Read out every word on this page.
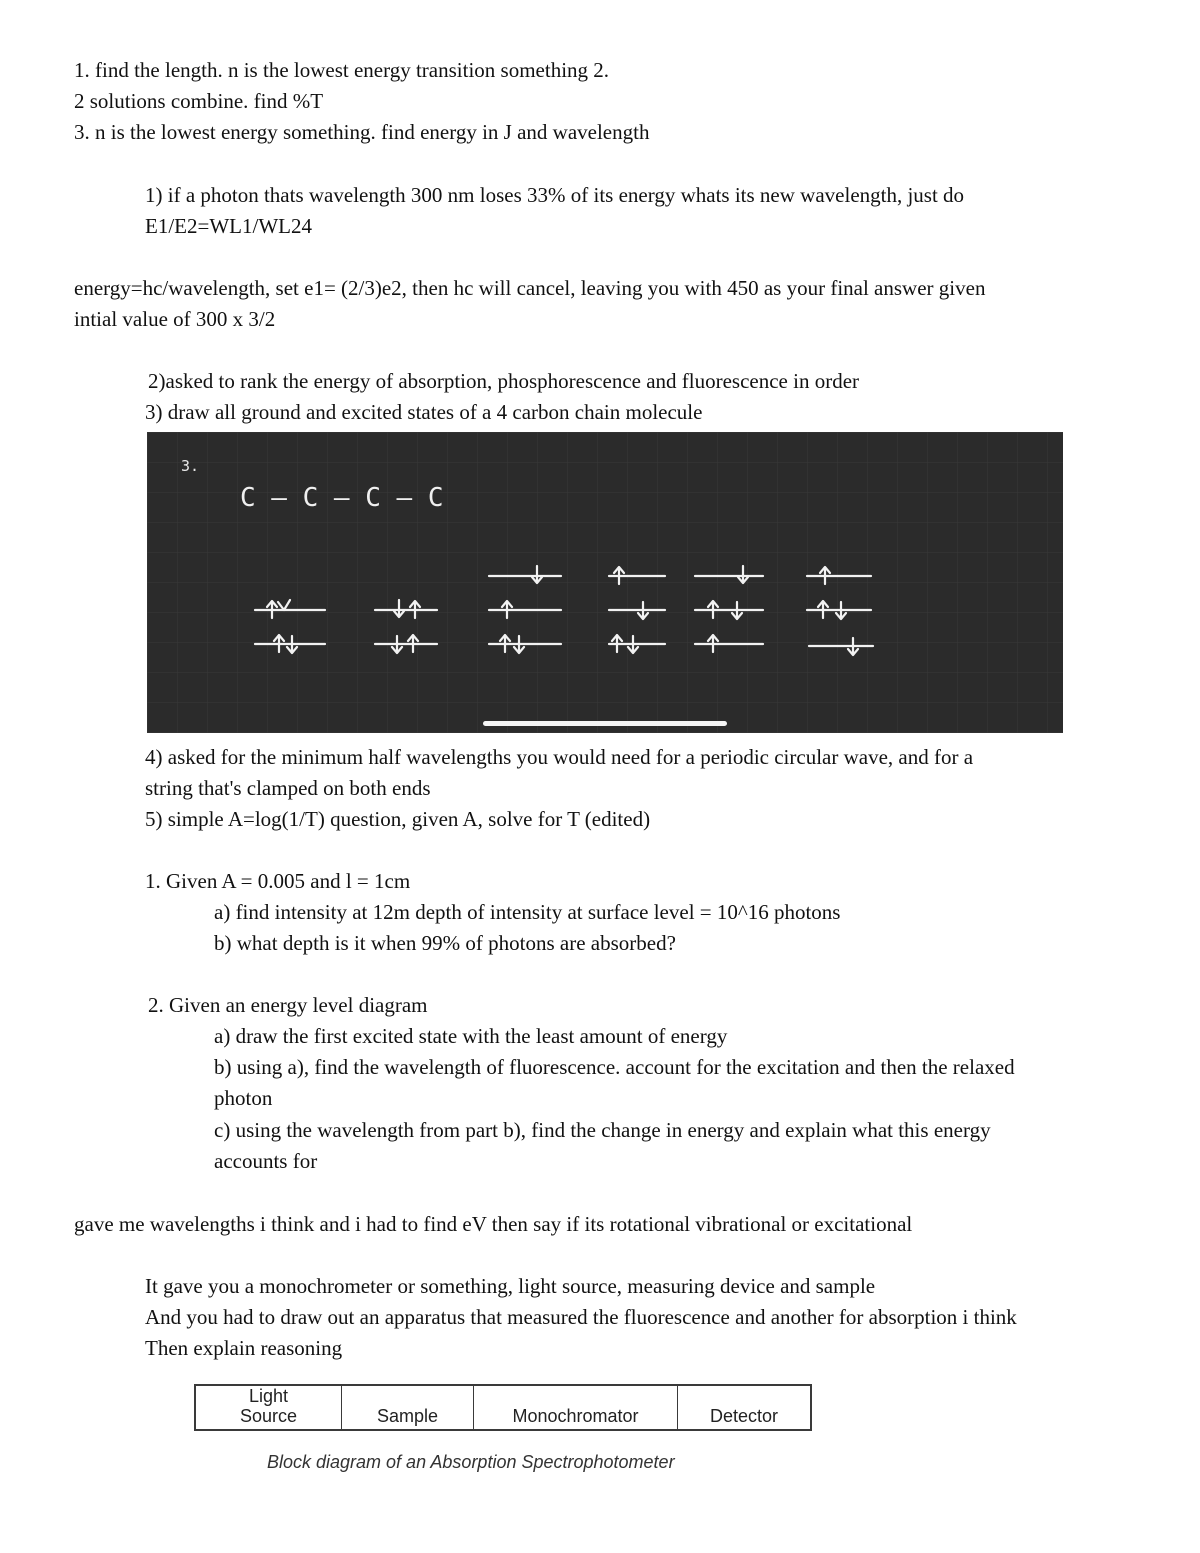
1. find the length. n is the lowest energy transition something 2.
2 solutions combine. find %T
3. n is the lowest energy something. find energy in J and wavelength
1) if a photon thats wavelength 300 nm loses 33% of its energy whats its new wavelength, just do
E1/E2=WL1/WL24
energy=hc/wavelength, set e1= (2/3)e2, then hc will cancel, leaving you with 450 as your final answer given
intial value of 300 x 3/2
2)asked to rank the energy of absorption, phosphorescence and fluorescence in order
3) draw all ground and excited states of a 4 carbon chain molecule
3.
C – C – C – C
4) asked for the minimum half wavelengths you would need for a periodic circular wave, and for a
string that's clamped on both ends
5) simple A=log(1/T) question, given A, solve for T (edited)
1. Given A = 0.005 and l = 1cm
a) find intensity at 12m depth of intensity at surface level = 10^16 photons
b) what depth is it when 99% of photons are absorbed?
2. Given an energy level diagram
a) draw the first excited state with the least amount of energy
b) using a), find the wavelength of fluorescence. account for the excitation and then the relaxed
photon
c) using the wavelength from part b), find the change in energy and explain what this energy
accounts for
gave me wavelengths i think and i had to find eV then say if its rotational vibrational or excitational
It gave you a monochrometer or something, light source, measuring device and sample
And you had to draw out an apparatus that measured the fluorescence and another for absorption i think
Then explain reasoning
Light
Source	Sample	Monochromator	Detector
Block diagram of an Absorption Spectrophotometer
